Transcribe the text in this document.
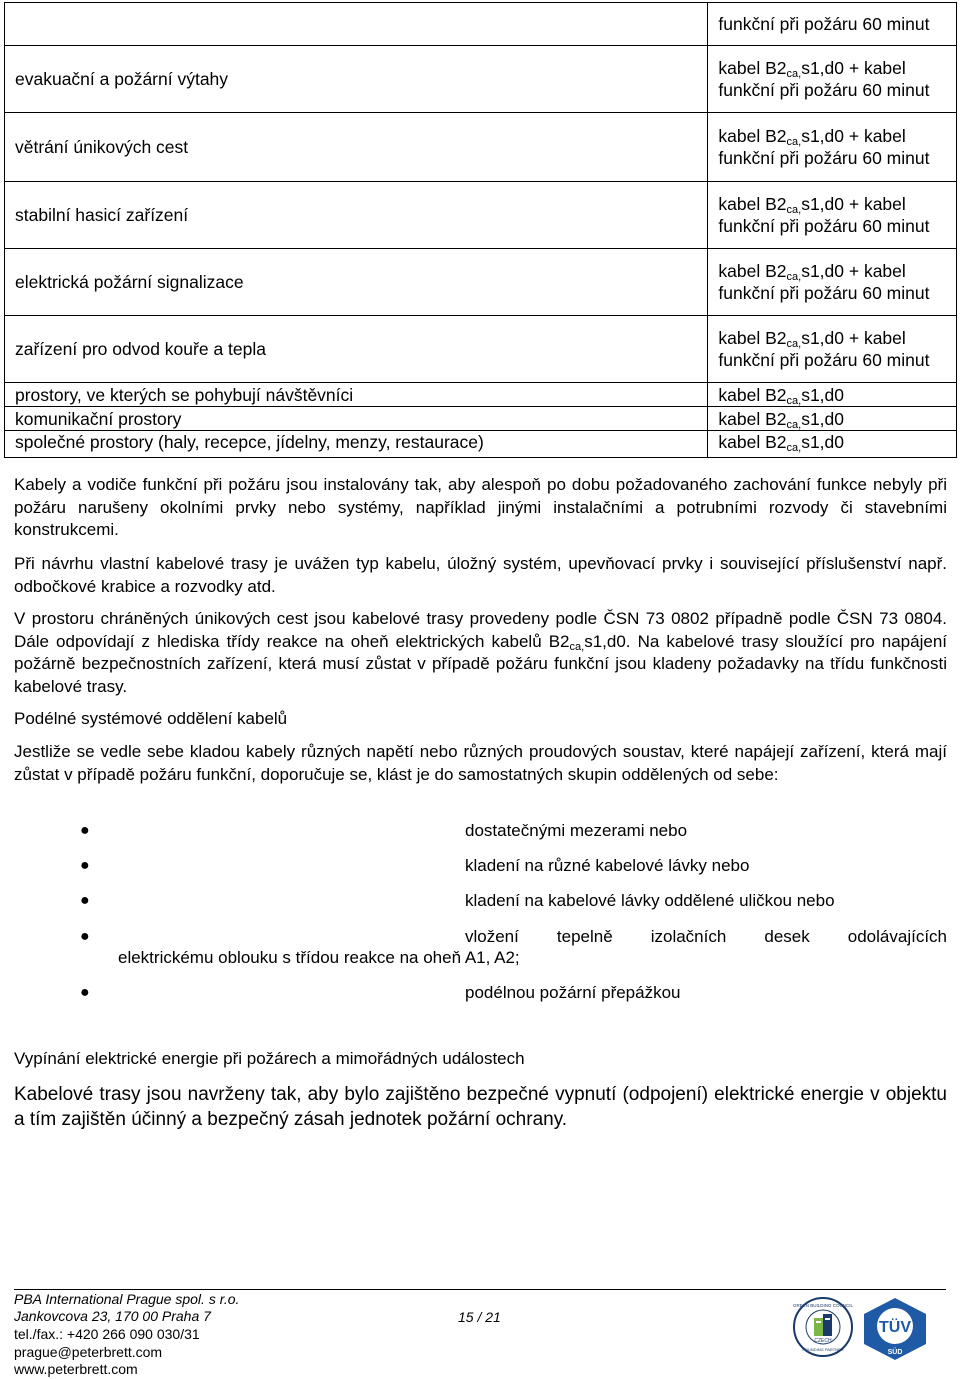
	funkční při požáru 60 minut

evakuační a požární výtahy	kabel $B2_{ca,}s1,d0$ + kabel
funkční při požáru 60 minut

větrání únikových cest	kabel $B2_{ca,}s1,d0$ + kabel
funkční při požáru 60 minut

stabilní hasicí zařízení	kabel $B2_{ca,}s1,d0$ + kabel
funkční při požáru 60 minut

elektrická požární signalizace	kabel $B2_{ca,}s1,d0$ + kabel
funkční při požáru 60 minut

zařízení pro odvod kouře a tepla	kabel $B2_{ca,}s1,d0$ + kabel
funkční při požáru 60 minut

prostory, ve kterých se pohybují návštěvníci	kabel $B2_{ca,}s1,d0$
komunikační prostory	kabel $B2_{ca,}s1,d0$
společné prostory (haly, recepce, jídelny, menzy, restaurace)	kabel $B2_{ca,}s1,d0$

Kabely a vodiče funkční při požáru jsou instalovány tak, aby alespoň po dobu požadovaného zachování funkce nebyly při požáru narušeny okolními prvky nebo systémy, například jinými instalačními a potrubními rozvody či stavebními konstrukcemi.

Při návrhu vlastní kabelové trasy je uvážen typ kabelu, úložný systém, upevňovací prvky i související příslušenství např. odbočkové krabice a rozvodky atd.

V prostoru chráněných únikových cest jsou kabelové trasy provedeny podle ČSN 73 0802 případně podle ČSN 73 0804. Dále odpovídají z hlediska třídy reakce na oheň elektrických kabelů $B2_{ca,}s1,d0$. Na kabelové trasy sloužící pro napájení požárně bezpečnostních zařízení, která musí zůstat v případě požáru funkční jsou kladeny požadavky na třídu funkčnosti kabelové trasy.

Podélné systémové oddělení kabelů

Jestliže se vedle sebe kladou kabely různých napětí nebo různých proudových soustav, které napájejí zařízení, která mají zůstat v případě požáru funkční, doporučuje se, klást je do samostatných skupin oddělených od sebe:

●	dostatečnými mezerami nebo
●	kladení na různé kabelové lávky nebo
●	kladení na kabelové lávky oddělené uličkou nebo
●	vložení tepelně izolačních desek odolávajících
elektrickému oblouku s třídou reakce na oheň A1, A2;
●	podélnou požární přepážkou

Vypínání elektrické energie při požárech a mimořádných událostech

Kabelové trasy jsou navrženy tak, aby bylo zajištěno bezpečné vypnutí (odpojení) elektrické energie v objektu a tím zajištěn účinný a bezpečný zásah jednotek požární ochrany.

PBA International Prague spol. s r.o.
Jankovcova 23, 170 00 Praha 7
tel./fax.: +420 266 090 030/31
prague@peterbrett.com
www.peterbrett.com
15 / 21
GREEN BUILDING COUNCIL
CZECH
FOUNDING PARTNER
TÜV
SÜD
